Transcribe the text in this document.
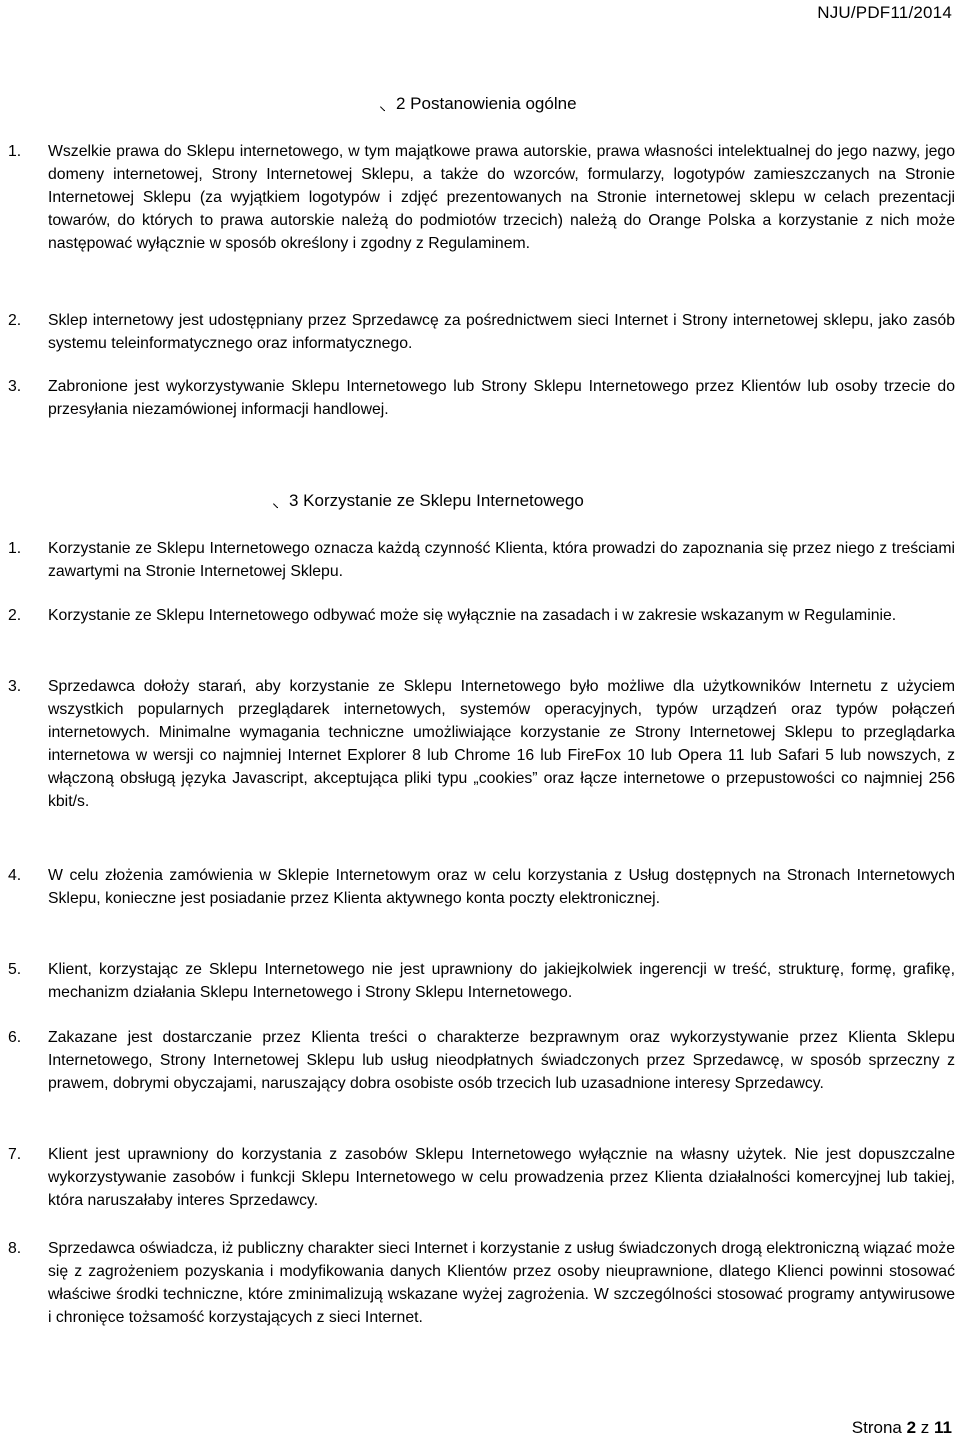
NJU/PDF11/2014
2 Postanowienia ogólne
1. Wszelkie prawa do Sklepu internetowego, w tym majątkowe prawa autorskie, prawa własności intelektualnej do jego nazwy, jego domeny internetowej, Strony Internetowej Sklepu, a także do wzorców, formularzy, logotypów zamieszczanych na Stronie Internetowej Sklepu (za wyjątkiem logotypów i zdjęć prezentowanych na Stronie internetowej sklepu w celach prezentacji towarów, do których to prawa autorskie należą do podmiotów trzecich) należą do Orange Polska a korzystanie z nich może następować wyłącznie w sposób określony i zgodny z Regulaminem.
2. Sklep internetowy jest udostępniany przez Sprzedawcę za pośrednictwem sieci Internet i Strony internetowej sklepu, jako zasób systemu teleinformatycznego oraz informatycznego.
3. Zabronione jest wykorzystywanie Sklepu Internetowego lub Strony Sklepu Internetowego przez Klientów lub osoby trzecie do przesyłania niezamówionej informacji handlowej.
3 Korzystanie ze Sklepu Internetowego
1. Korzystanie ze Sklepu Internetowego oznacza każdą czynność Klienta, która prowadzi do zapoznania się przez niego z treściami zawartymi na Stronie Internetowej Sklepu.
2. Korzystanie ze Sklepu Internetowego odbywać może się wyłącznie na zasadach i w zakresie wskazanym w Regulaminie.
3. Sprzedawca dołoży starań, aby korzystanie ze Sklepu Internetowego było możliwe dla użytkowników Internetu z użyciem wszystkich popularnych przeglądarek internetowych, systemów operacyjnych, typów urządzeń oraz typów połączeń internetowych. Minimalne wymagania techniczne umożliwiające korzystanie ze Strony Internetowej Sklepu to przeglądarka internetowa w wersji co najmniej Internet Explorer 8 lub Chrome 16 lub FireFox 10 lub Opera 11 lub Safari 5 lub nowszych, z włączoną obsługą języka Javascript, akceptująca pliki typu „cookies” oraz łącze internetowe o przepustowości co najmniej 256 kbit/s.
4. W celu złożenia zamówienia w Sklepie Internetowym oraz w celu korzystania z Usług dostępnych na Stronach Internetowych Sklepu, konieczne jest posiadanie przez Klienta aktywnego konta poczty elektronicznej.
5. Klient, korzystając ze Sklepu Internetowego nie jest uprawniony do jakiejkolwiek ingerencji w treść, strukturę, formę, grafikę, mechanizm działania Sklepu Internetowego i Strony Sklepu Internetowego.
6. Zakazane jest dostarczanie przez Klienta treści o charakterze bezprawnym oraz wykorzystywanie przez Klienta Sklepu Internetowego, Strony Internetowej Sklepu lub usług nieodpłatnych świadczonych przez Sprzedawcę, w sposób sprzeczny z prawem, dobrymi obyczajami, naruszający dobra osobiste osób trzecich lub uzasadnione interesy Sprzedawcy.
7. Klient jest uprawniony do korzystania z zasobów Sklepu Internetowego wyłącznie na własny użytek. Nie jest dopuszczalne wykorzystywanie zasobów i funkcji Sklepu Internetowego w celu prowadzenia przez Klienta działalności komercyjnej lub takiej, która naruszałaby interes Sprzedawcy.
8. Sprzedawca oświadcza, iż publiczny charakter sieci Internet i korzystanie z usług świadczonych drogą elektroniczną wiązać może się z zagrożeniem pozyskania i modyfikowania danych Klientów przez osoby nieuprawnione, dlatego Klienci powinni stosować właściwe środki techniczne, które zminimalizują wskazane wyżej zagrożenia. W szczególności stosować programy antywirusowe i chronięce tożsamość korzystających z sieci Internet.
Strona 2 z 11
